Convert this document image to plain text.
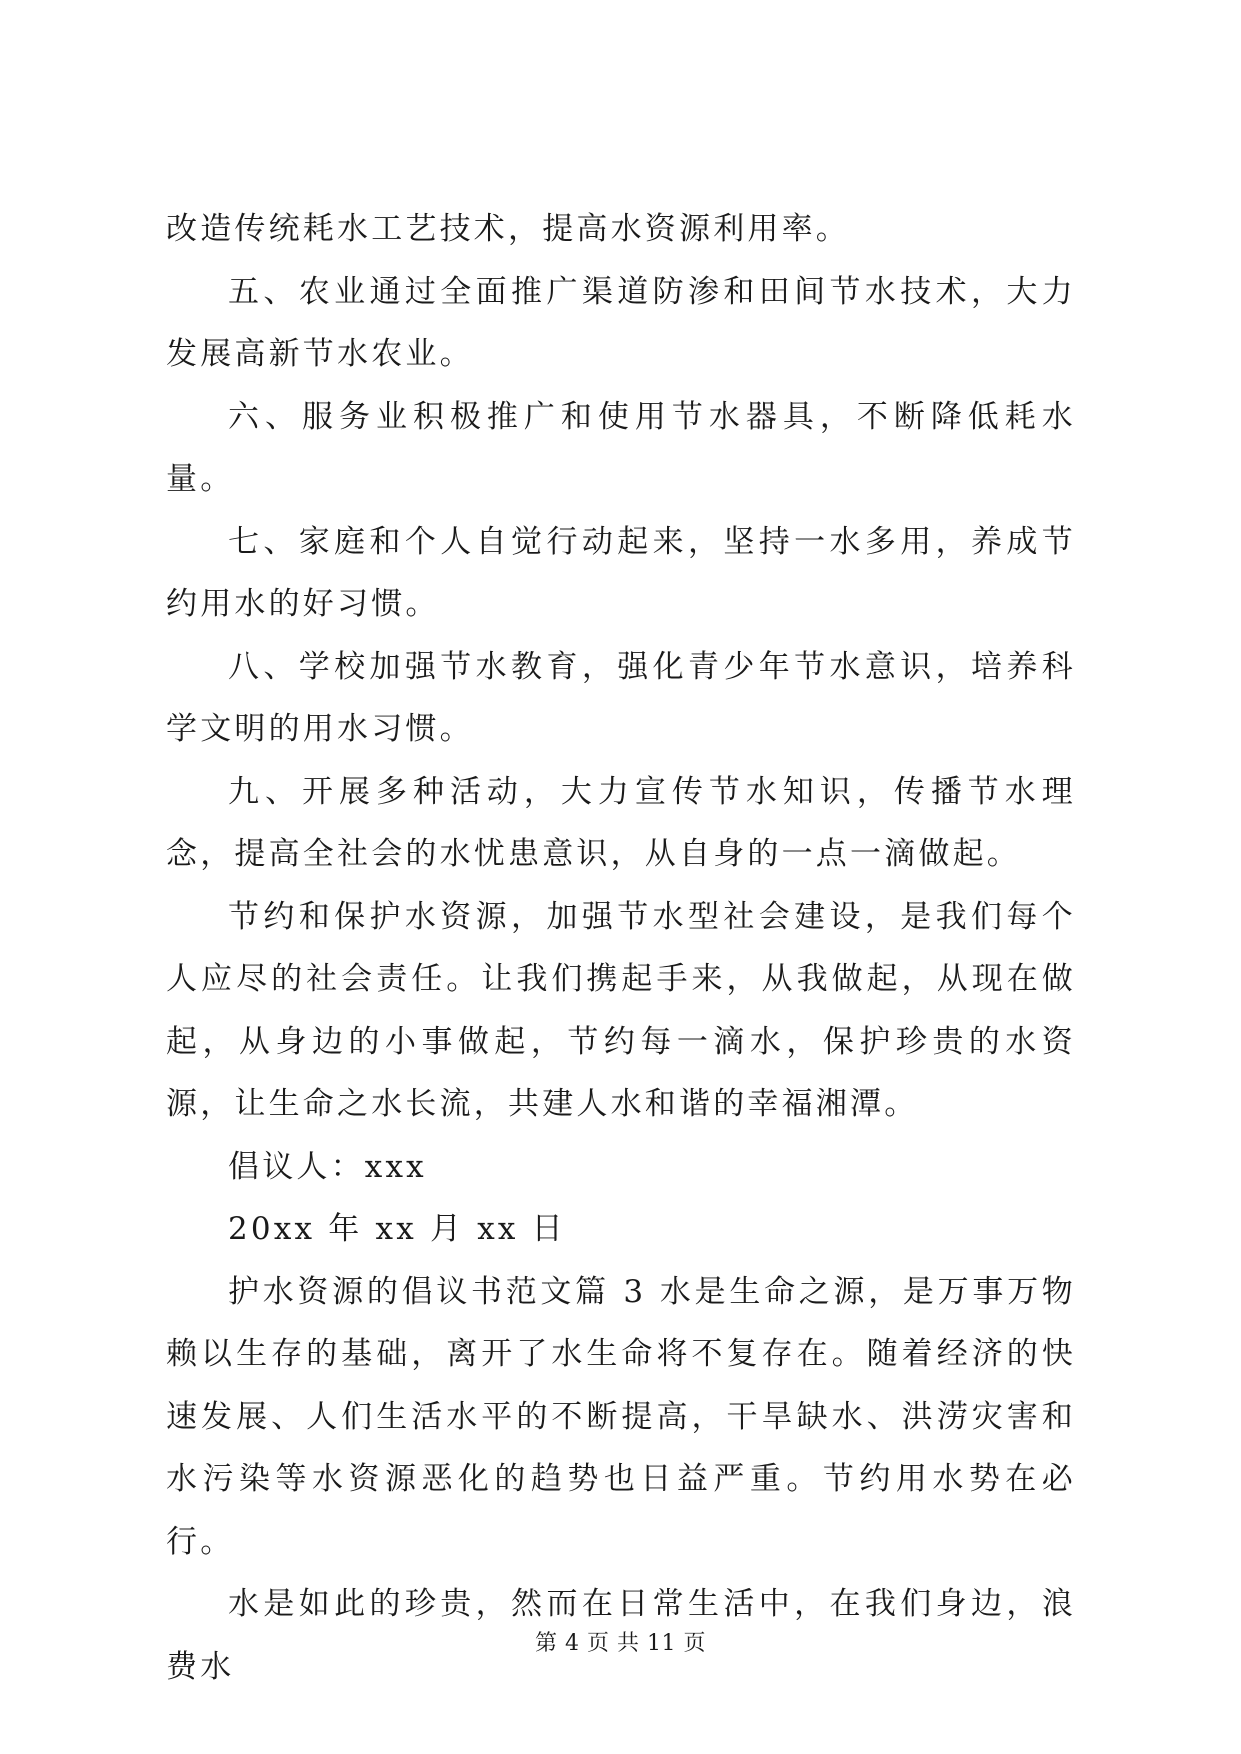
改造传统耗水工艺技术，提高水资源利用率。

五、农业通过全面推广渠道防渗和田间节水技术，大力发展高新节水农业。

六、服务业积极推广和使用节水器具，不断降低耗水量。

七、家庭和个人自觉行动起来，坚持一水多用，养成节约用水的好习惯。

八、学校加强节水教育，强化青少年节水意识，培养科学文明的用水习惯。

九、开展多种活动，大力宣传节水知识，传播节水理念，提高全社会的水忧患意识，从自身的一点一滴做起。

节约和保护水资源，加强节水型社会建设，是我们每个人应尽的社会责任。让我们携起手来，从我做起，从现在做起，从身边的小事做起，节约每一滴水，保护珍贵的水资源，让生命之水长流，共建人水和谐的幸福湘潭。

倡议人：xxx

20xx 年 xx 月 xx 日

护水资源的倡议书范文篇 3 水是生命之源，是万事万物赖以生存的基础，离开了水生命将不复存在。随着经济的快速发展、人们生活水平的不断提高，干旱缺水、洪涝灾害和水污染等水资源恶化的趋势也日益严重。节约用水势在必行。

水是如此的珍贵，然而在日常生活中，在我们身边，浪费水

第 4 页 共 11 页
